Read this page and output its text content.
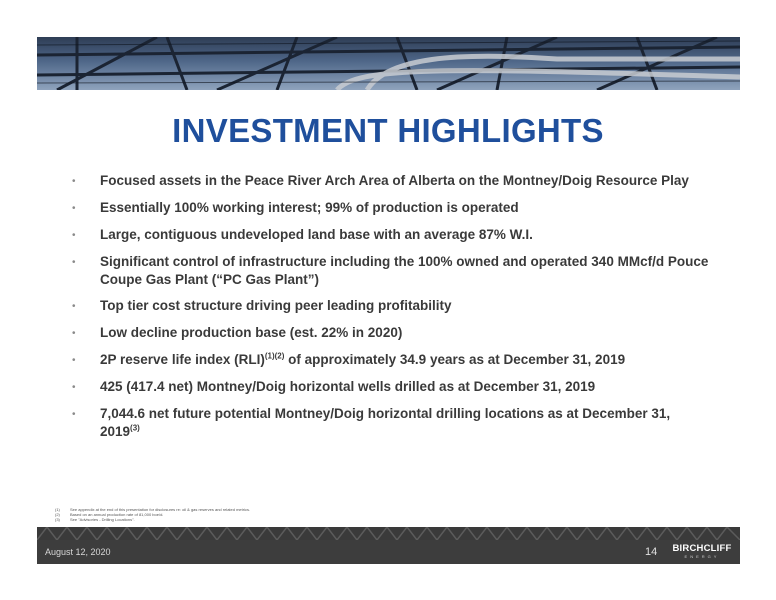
INVESTMENT HIGHLIGHTS
•	Focused assets in the Peace River Arch Area of Alberta on the Montney/Doig Resource Play
•	Essentially 100% working interest; 99% of production is operated
•	Large, contiguous undeveloped land base with an average 87% W.I.
•	Significant control of infrastructure including the 100% owned and operated 340 MMcf/d Pouce Coupe Gas Plant (“PC Gas Plant”)
•	Top tier cost structure driving peer leading profitability
•	Low decline production base (est. 22% in 2020)
•	2P reserve life index (RLI)$^{(1)(2)}$ of approximately 34.9 years as at December 31, 2019
•	425 (417.4 net) Montney/Doig horizontal wells drilled as at December 31, 2019
•	7,044.6 net future potential Montney/Doig horizontal drilling locations as at December 31, 2019$^{(3)}$
(1)	See appendix at the end of this presentation for disclosures re: oil & gas reserves and related metrics.
(2)	Based on an annual production rate of 81,000 boe/d.
(3)	See "Advisories - Drilling Locations".
August 12, 2020	14	BIRCHCLIFF
ENERGY
